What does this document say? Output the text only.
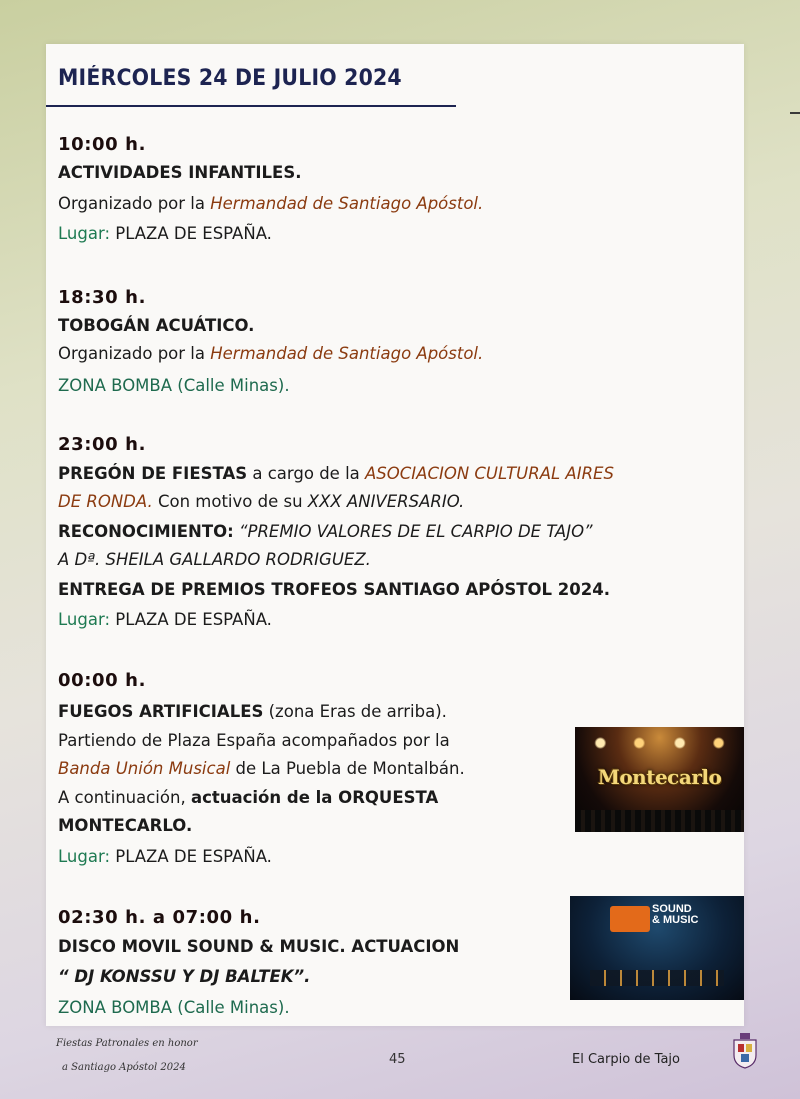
MIÉRCOLES 24 DE JULIO 2024

10:00 h.

ACTIVIDADES INFANTILES.

Organizado por la Hermandad de Santiago Apóstol.

Lugar: PLAZA DE ESPAÑA.

18:30 h.

TOBOGÁN ACUÁTICO.

Organizado por la Hermandad de Santiago Apóstol.

ZONA BOMBA (Calle Minas).

23:00 h.

PREGÓN DE FIESTAS a cargo de la ASOCIACION CULTURAL AIRES

DE RONDA. Con motivo de su XXX ANIVERSARIO.

RECONOCIMIENTO: “PREMIO VALORES DE EL CARPIO DE TAJO”

A Dª. SHEILA GALLARDO RODRIGUEZ.

ENTREGA DE PREMIOS TROFEOS SANTIAGO APÓSTOL 2024.

Lugar: PLAZA DE ESPAÑA.

00:00 h.

FUEGOS ARTIFICIALES (zona Eras de arriba).

Partiendo de Plaza España acompañados por la

Banda Unión Musical de La Puebla de Montalbán.

A continuación, actuación de la ORQUESTA

MONTECARLO.

Lugar: PLAZA DE ESPAÑA.

Montecarlo

02:30 h. a 07:00 h.

DISCO MOVIL SOUND & MUSIC. ACTUACION

“ DJ KONSSU Y DJ BALTEK”.

ZONA BOMBA (Calle Minas).

SOUND
& MUSIC

Fiestas Patronales en honor

a Santiago Apóstol 2024

45	El Carpio de Tajo
